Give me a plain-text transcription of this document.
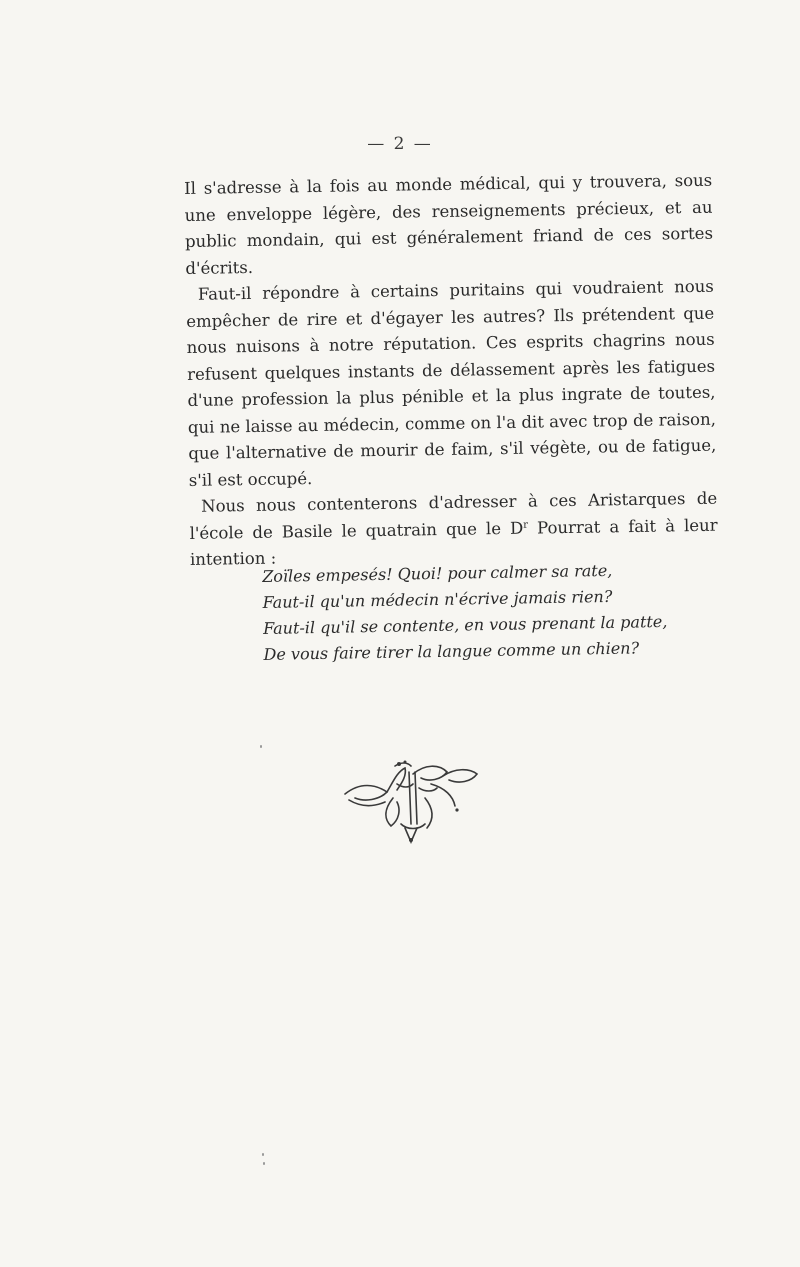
— 2 —

Il s'adresse à la fois au monde médical, qui y trouvera, sous une enveloppe légère, des renseignements précieux, et au public mondain, qui est généralement friand de ces sortes d'écrits.

Faut-il répondre à certains puritains qui voudraient nous empêcher de rire et d'égayer les autres? Ils prétendent que nous nuisons à notre réputation. Ces esprits chagrins nous refusent quelques instants de délassement après les fatigues d'une profession la plus pénible et la plus ingrate de toutes, qui ne laisse au médecin, comme on l'a dit avec trop de raison, que l'alternative de mourir de faim, s'il végète, ou de fatigue, s'il est occupé.

Nous nous contenterons d'adresser à ces Aristarques de l'école de Basile le quatrain que le $D^r$ Pourrat a fait à leur intention :

Zoïles empesés! Quoi! pour calmer sa rate,
Faut-il qu'un médecin n'écrive jamais rien?
Faut-il qu'il se contente, en vous prenant la patte,
De vous faire tirer la langue comme un chien?
